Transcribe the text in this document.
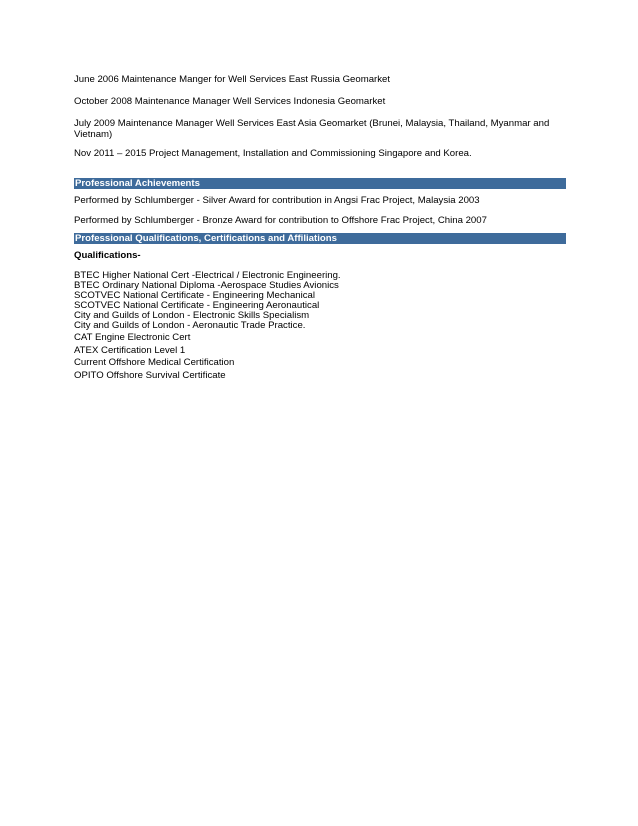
June 2006 Maintenance Manger for Well Services East Russia Geomarket
October 2008 Maintenance Manager Well Services Indonesia Geomarket
July 2009 Maintenance Manager Well Services East Asia Geomarket (Brunei, Malaysia, Thailand, Myanmar and Vietnam)
Nov 2011 – 2015 Project Management, Installation and Commissioning Singapore and Korea.
Professional Achievements
Performed by Schlumberger - Silver Award for contribution in Angsi Frac Project, Malaysia 2003
Performed by Schlumberger - Bronze Award for contribution to Offshore Frac Project, China 2007
Professional Qualifications, Certifications and Affiliations
Qualifications-
BTEC Higher National Cert -Electrical / Electronic Engineering.
BTEC Ordinary National Diploma -Aerospace Studies Avionics
SCOTVEC National Certificate - Engineering Mechanical
SCOTVEC National Certificate - Engineering Aeronautical
City and Guilds of London - Electronic Skills Specialism
City and Guilds of London - Aeronautic Trade Practice.
CAT Engine Electronic Cert
ATEX Certification Level 1
Current Offshore Medical Certification
OPITO Offshore Survival Certificate
